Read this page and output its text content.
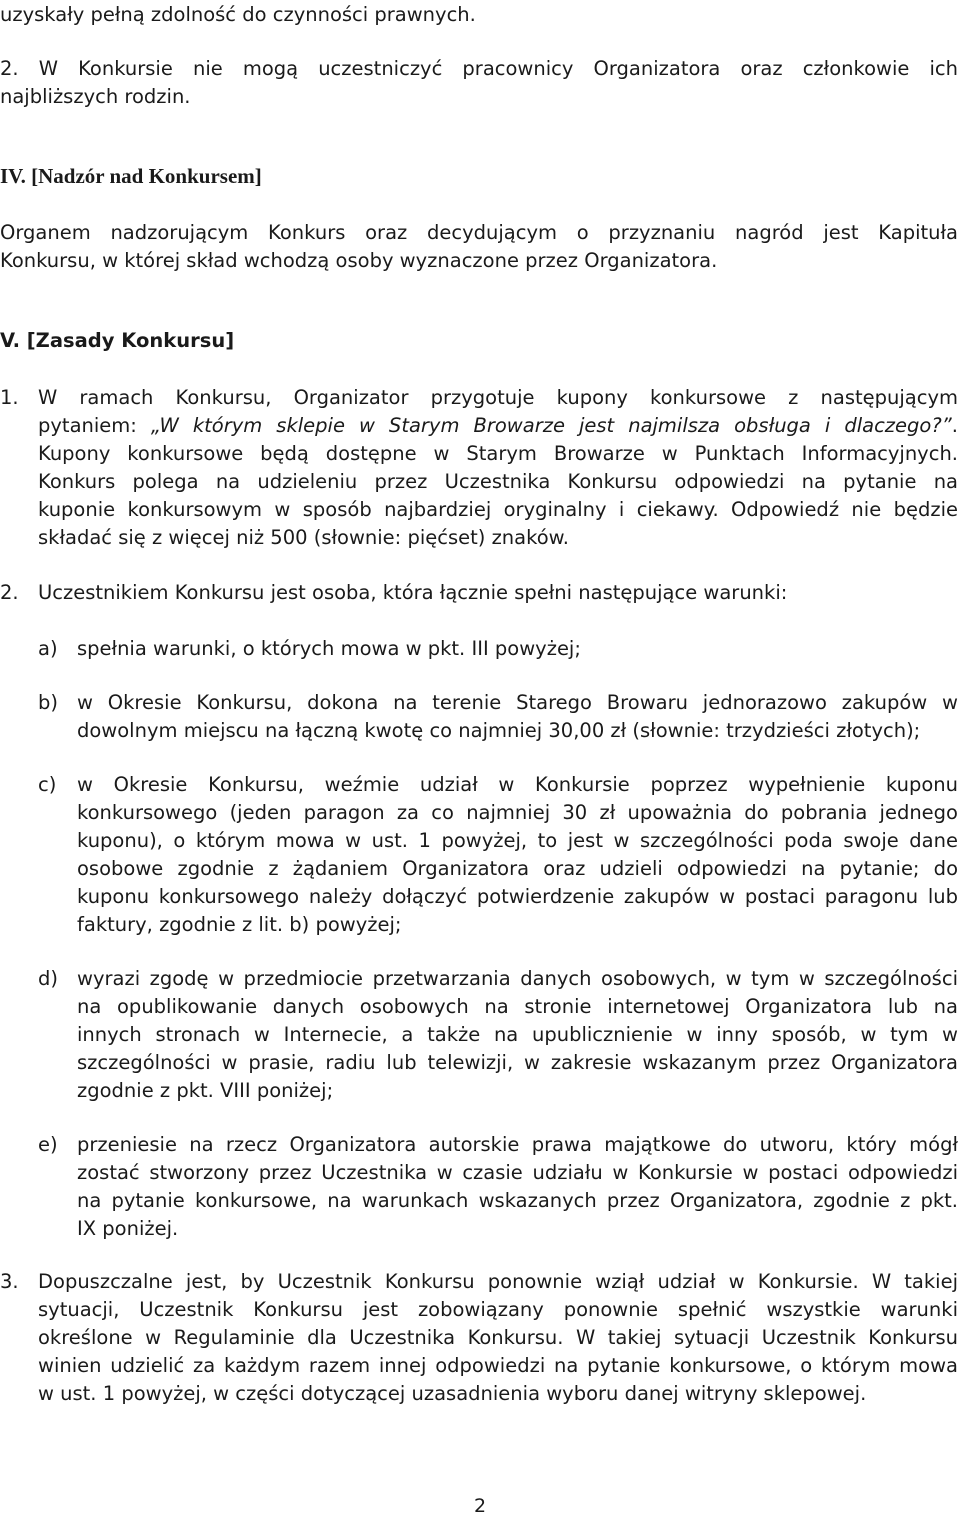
uzyskały pełną zdolność do czynności prawnych.
2. W Konkursie nie mogą uczestniczyć pracownicy Organizatora oraz członkowie ich
najbliższych rodzin.
IV. [Nadzór nad Konkursem]
Organem nadzorującym Konkurs oraz decydującym o przyznaniu nagród jest Kapituła
Konkursu, w której skład wchodzą osoby wyznaczone przez Organizatora.
V. [Zasady Konkursu]
1. W ramach Konkursu, Organizator przygotuje kupony konkursowe z następującym
pytaniem: „W którym sklepie w Starym Browarze jest najmilsza obsługa i dlaczego?”.
Kupony konkursowe będą dostępne w Starym Browarze w Punktach Informacyjnych.
Konkurs polega na udzieleniu przez Uczestnika Konkursu odpowiedzi na pytanie na
kuponie konkursowym w sposób najbardziej oryginalny i ciekawy. Odpowiedź nie będzie
składać się z więcej niż 500 (słownie: pięćset) znaków.
2. Uczestnikiem Konkursu jest osoba, która łącznie spełni następujące warunki:
a) spełnia warunki, o których mowa w pkt. III powyżej;
b) w Okresie Konkursu, dokona na terenie Starego Browaru jednorazowo zakupów w
dowolnym miejscu na łączną kwotę co najmniej 30,00 zł (słownie: trzydzieści złotych);
c) w Okresie Konkursu, weźmie udział w Konkursie poprzez wypełnienie kuponu
konkursowego (jeden paragon za co najmniej 30 zł upoważnia do pobrania jednego
kuponu), o którym mowa w ust. 1 powyżej, to jest w szczególności poda swoje dane
osobowe zgodnie z żądaniem Organizatora oraz udzieli odpowiedzi na pytanie; do
kuponu konkursowego należy dołączyć potwierdzenie zakupów w postaci paragonu lub
faktury, zgodnie z lit. b) powyżej;
d) wyrazi zgodę w przedmiocie przetwarzania danych osobowych, w tym w szczególności
na opublikowanie danych osobowych na stronie internetowej Organizatora lub na
innych stronach w Internecie, a także na upublicznienie w inny sposób, w tym w
szczególności w prasie, radiu lub telewizji, w zakresie wskazanym przez Organizatora
zgodnie z pkt. VIII poniżej;
e) przeniesie na rzecz Organizatora autorskie prawa majątkowe do utworu, który mógł
zostać stworzony przez Uczestnika w czasie udziału w Konkursie w postaci odpowiedzi
na pytanie konkursowe, na warunkach wskazanych przez Organizatora, zgodnie z pkt.
IX poniżej.
3. Dopuszczalne jest, by Uczestnik Konkursu ponownie wziął udział w Konkursie. W takiej
sytuacji, Uczestnik Konkursu jest zobowiązany ponownie spełnić wszystkie warunki
określone w Regulaminie dla Uczestnika Konkursu. W takiej sytuacji Uczestnik Konkursu
winien udzielić za każdym razem innej odpowiedzi na pytanie konkursowe, o którym mowa
w ust. 1 powyżej, w części dotyczącej uzasadnienia wyboru danej witryny sklepowej.
2
